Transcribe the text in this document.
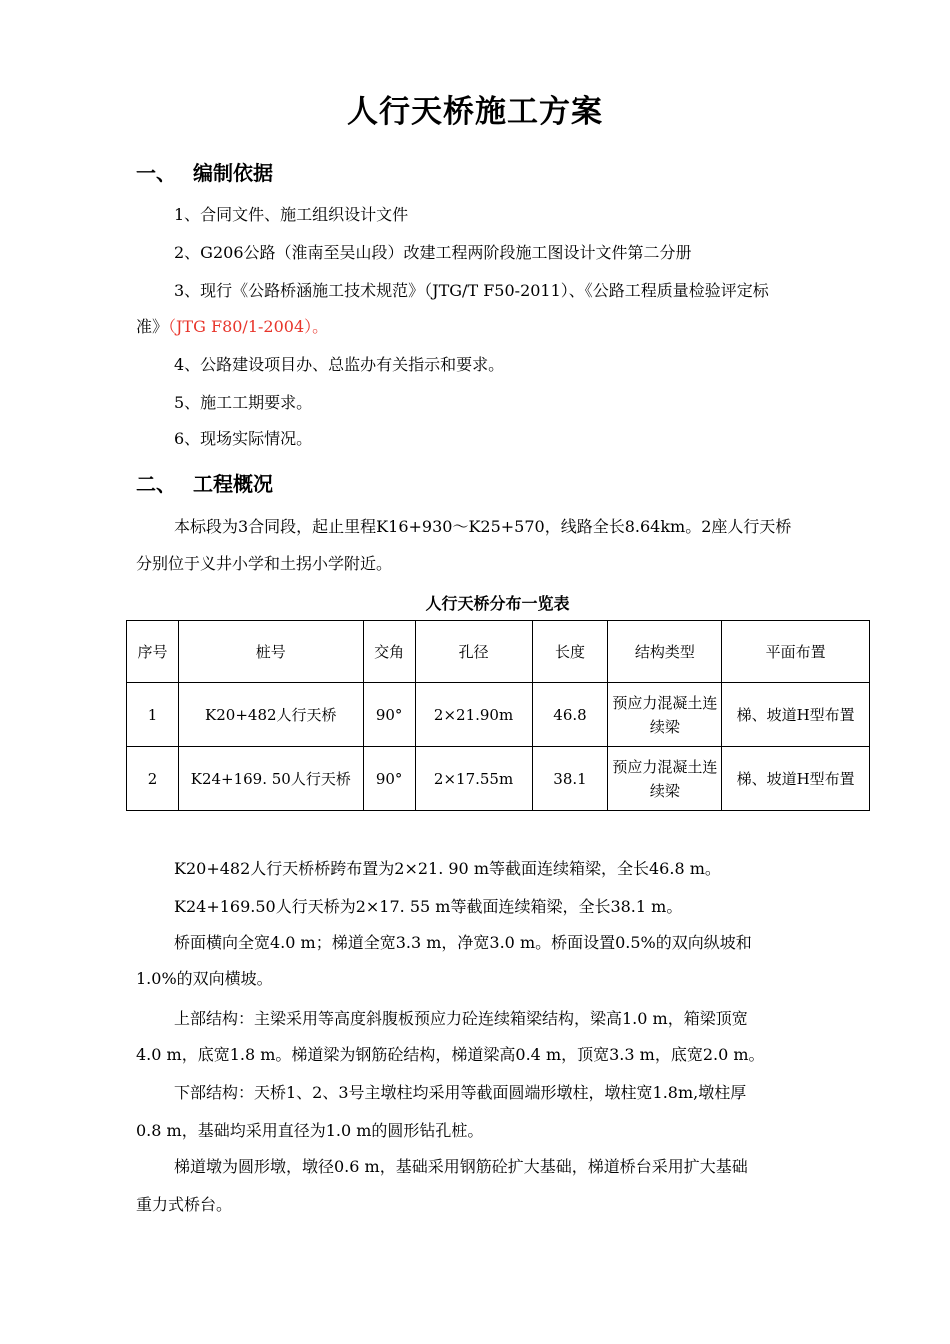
人行天桥施工方案
一、 编制依据
1、合同文件、施工组织设计文件
2、G206公路（淮南至吴山段）改建工程两阶段施工图设计文件第二分册
3、现行《公路桥涵施工技术规范》（JTG/T F50-2011）、《公路工程质量检验评定标
准》（JTG F80/1-2004）。
4、公路建设项目办、总监办有关指示和要求。
5、施工工期要求。
6、现场实际情况。
二、 工程概况
本标段为3合同段，起止里程K16+930～K25+570，线路全长8.64km。2座人行天桥
分别位于义井小学和土拐小学附近。
人行天桥分布一览表
序号	桩号	交角	孔径	长度	结构类型	平面布置
1	K20+482人行天桥	90°	2×21.90m	46.8	预应力混凝土连续梁	梯、坡道H型布置
2	K24+169. 50人行天桥	90°	2×17.55m	38.1	预应力混凝土连续梁	梯、坡道H型布置
K20+482人行天桥桥跨布置为2×21. 90 m等截面连续箱梁，全长46.8 m。
K24+169.50人行天桥为2×17. 55 m等截面连续箱梁，全长38.1 m。
桥面横向全宽4.0 m；梯道全宽3.3 m，净宽3.0 m。桥面设置0.5%的双向纵坡和
1.0%的双向横坡。
上部结构：主梁采用等高度斜腹板预应力砼连续箱梁结构，梁高1.0 m，箱梁顶宽
4.0 m，底宽1.8 m。梯道梁为钢筋砼结构，梯道梁高0.4 m，顶宽3.3 m，底宽2.0 m。
下部结构：天桥1、2、3号主墩柱均采用等截面圆端形墩柱，墩柱宽1.8m,墩柱厚
0.8 m，基础均采用直径为1.0 m的圆形钻孔桩。
梯道墩为圆形墩，墩径0.6 m，基础采用钢筋砼扩大基础，梯道桥台采用扩大基础
重力式桥台。
